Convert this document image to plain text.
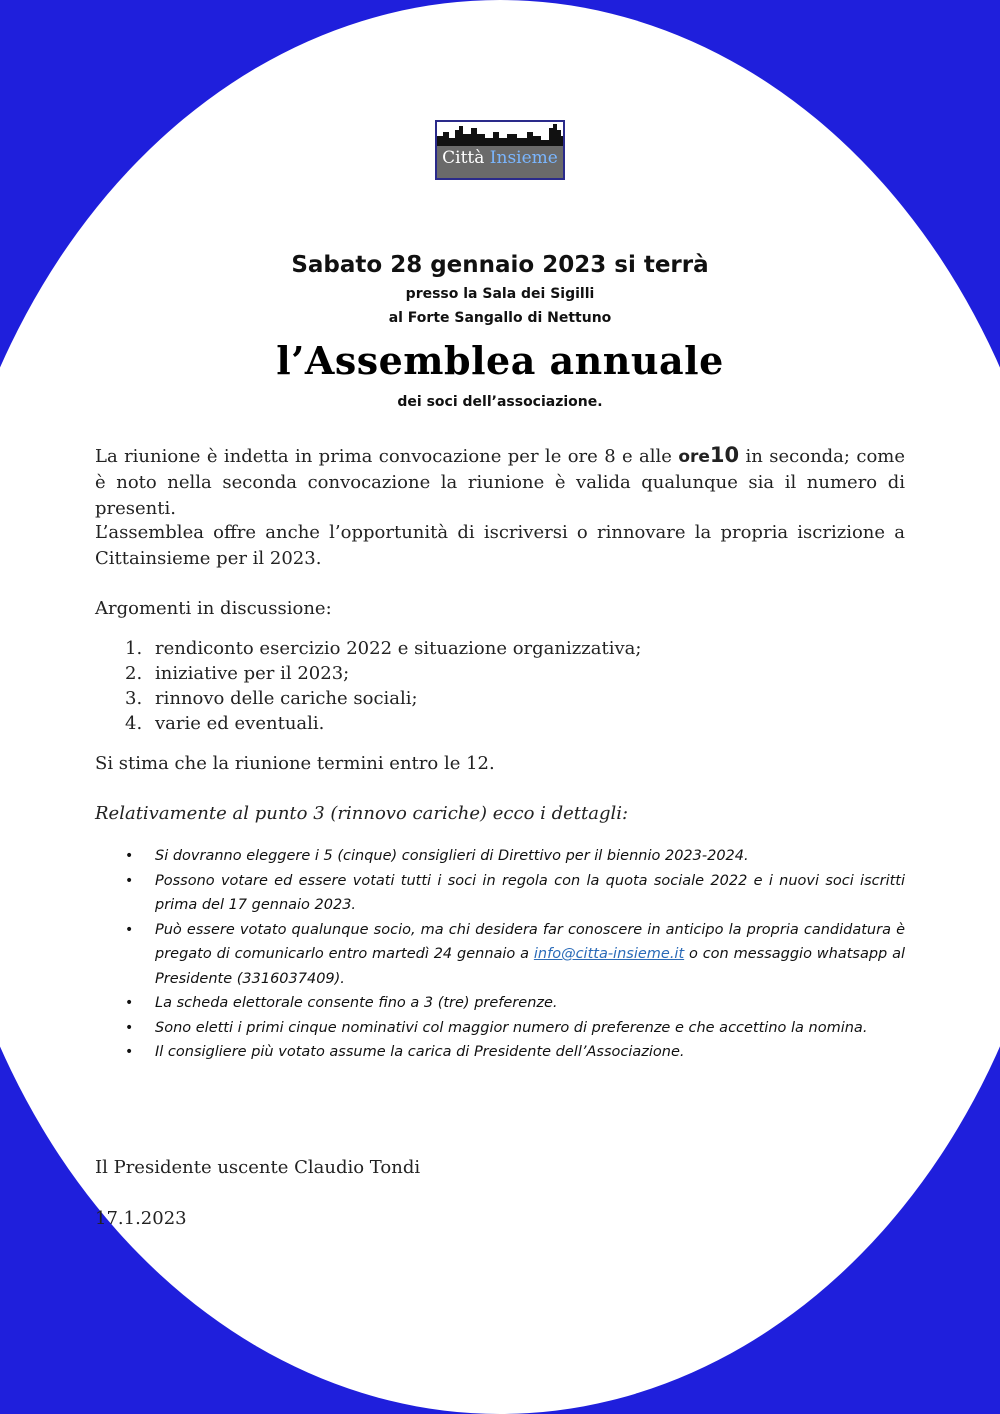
Città Insieme
Sabato 28 gennaio 2023 si terrà
presso la Sala dei Sigilli
al Forte Sangallo di Nettuno
l’Assemblea annuale
dei soci dell’associazione.
La riunione è indetta in prima convocazione per le ore 8 e alle ore10 in seconda; come è noto nella seconda convocazione la riunione è valida qualunque sia il numero di presenti.
L’assemblea offre anche l’opportunità di iscriversi o rinnovare la propria iscrizione a Cittainsieme per il 2023.
Argomenti in discussione:
1. rendiconto esercizio 2022 e situazione organizzativa;
2. iniziative per il 2023;
3. rinnovo delle cariche sociali;
4. varie ed eventuali.
Si stima che la riunione termini entro le 12.
Relativamente al punto 3 (rinnovo cariche) ecco i dettagli:
• Si dovranno eleggere i 5 (cinque) consiglieri di Direttivo per il biennio 2023-2024.
• Possono votare ed essere votati tutti i soci in regola con la quota sociale 2022 e i nuovi soci iscritti prima del 17 gennaio 2023.
• Può essere votato qualunque socio, ma chi desidera far conoscere in anticipo la propria candidatura è pregato di comunicarlo entro martedì 24 gennaio a info@citta-insieme.it o con messaggio whatsapp al Presidente (3316037409).
• La scheda elettorale consente fino a 3 (tre) preferenze.
• Sono eletti i primi cinque nominativi col maggior numero di preferenze e che accettino la nomina.
• Il consigliere più votato assume la carica di Presidente dell’Associazione.
Il Presidente uscente Claudio Tondi
17.1.2023
